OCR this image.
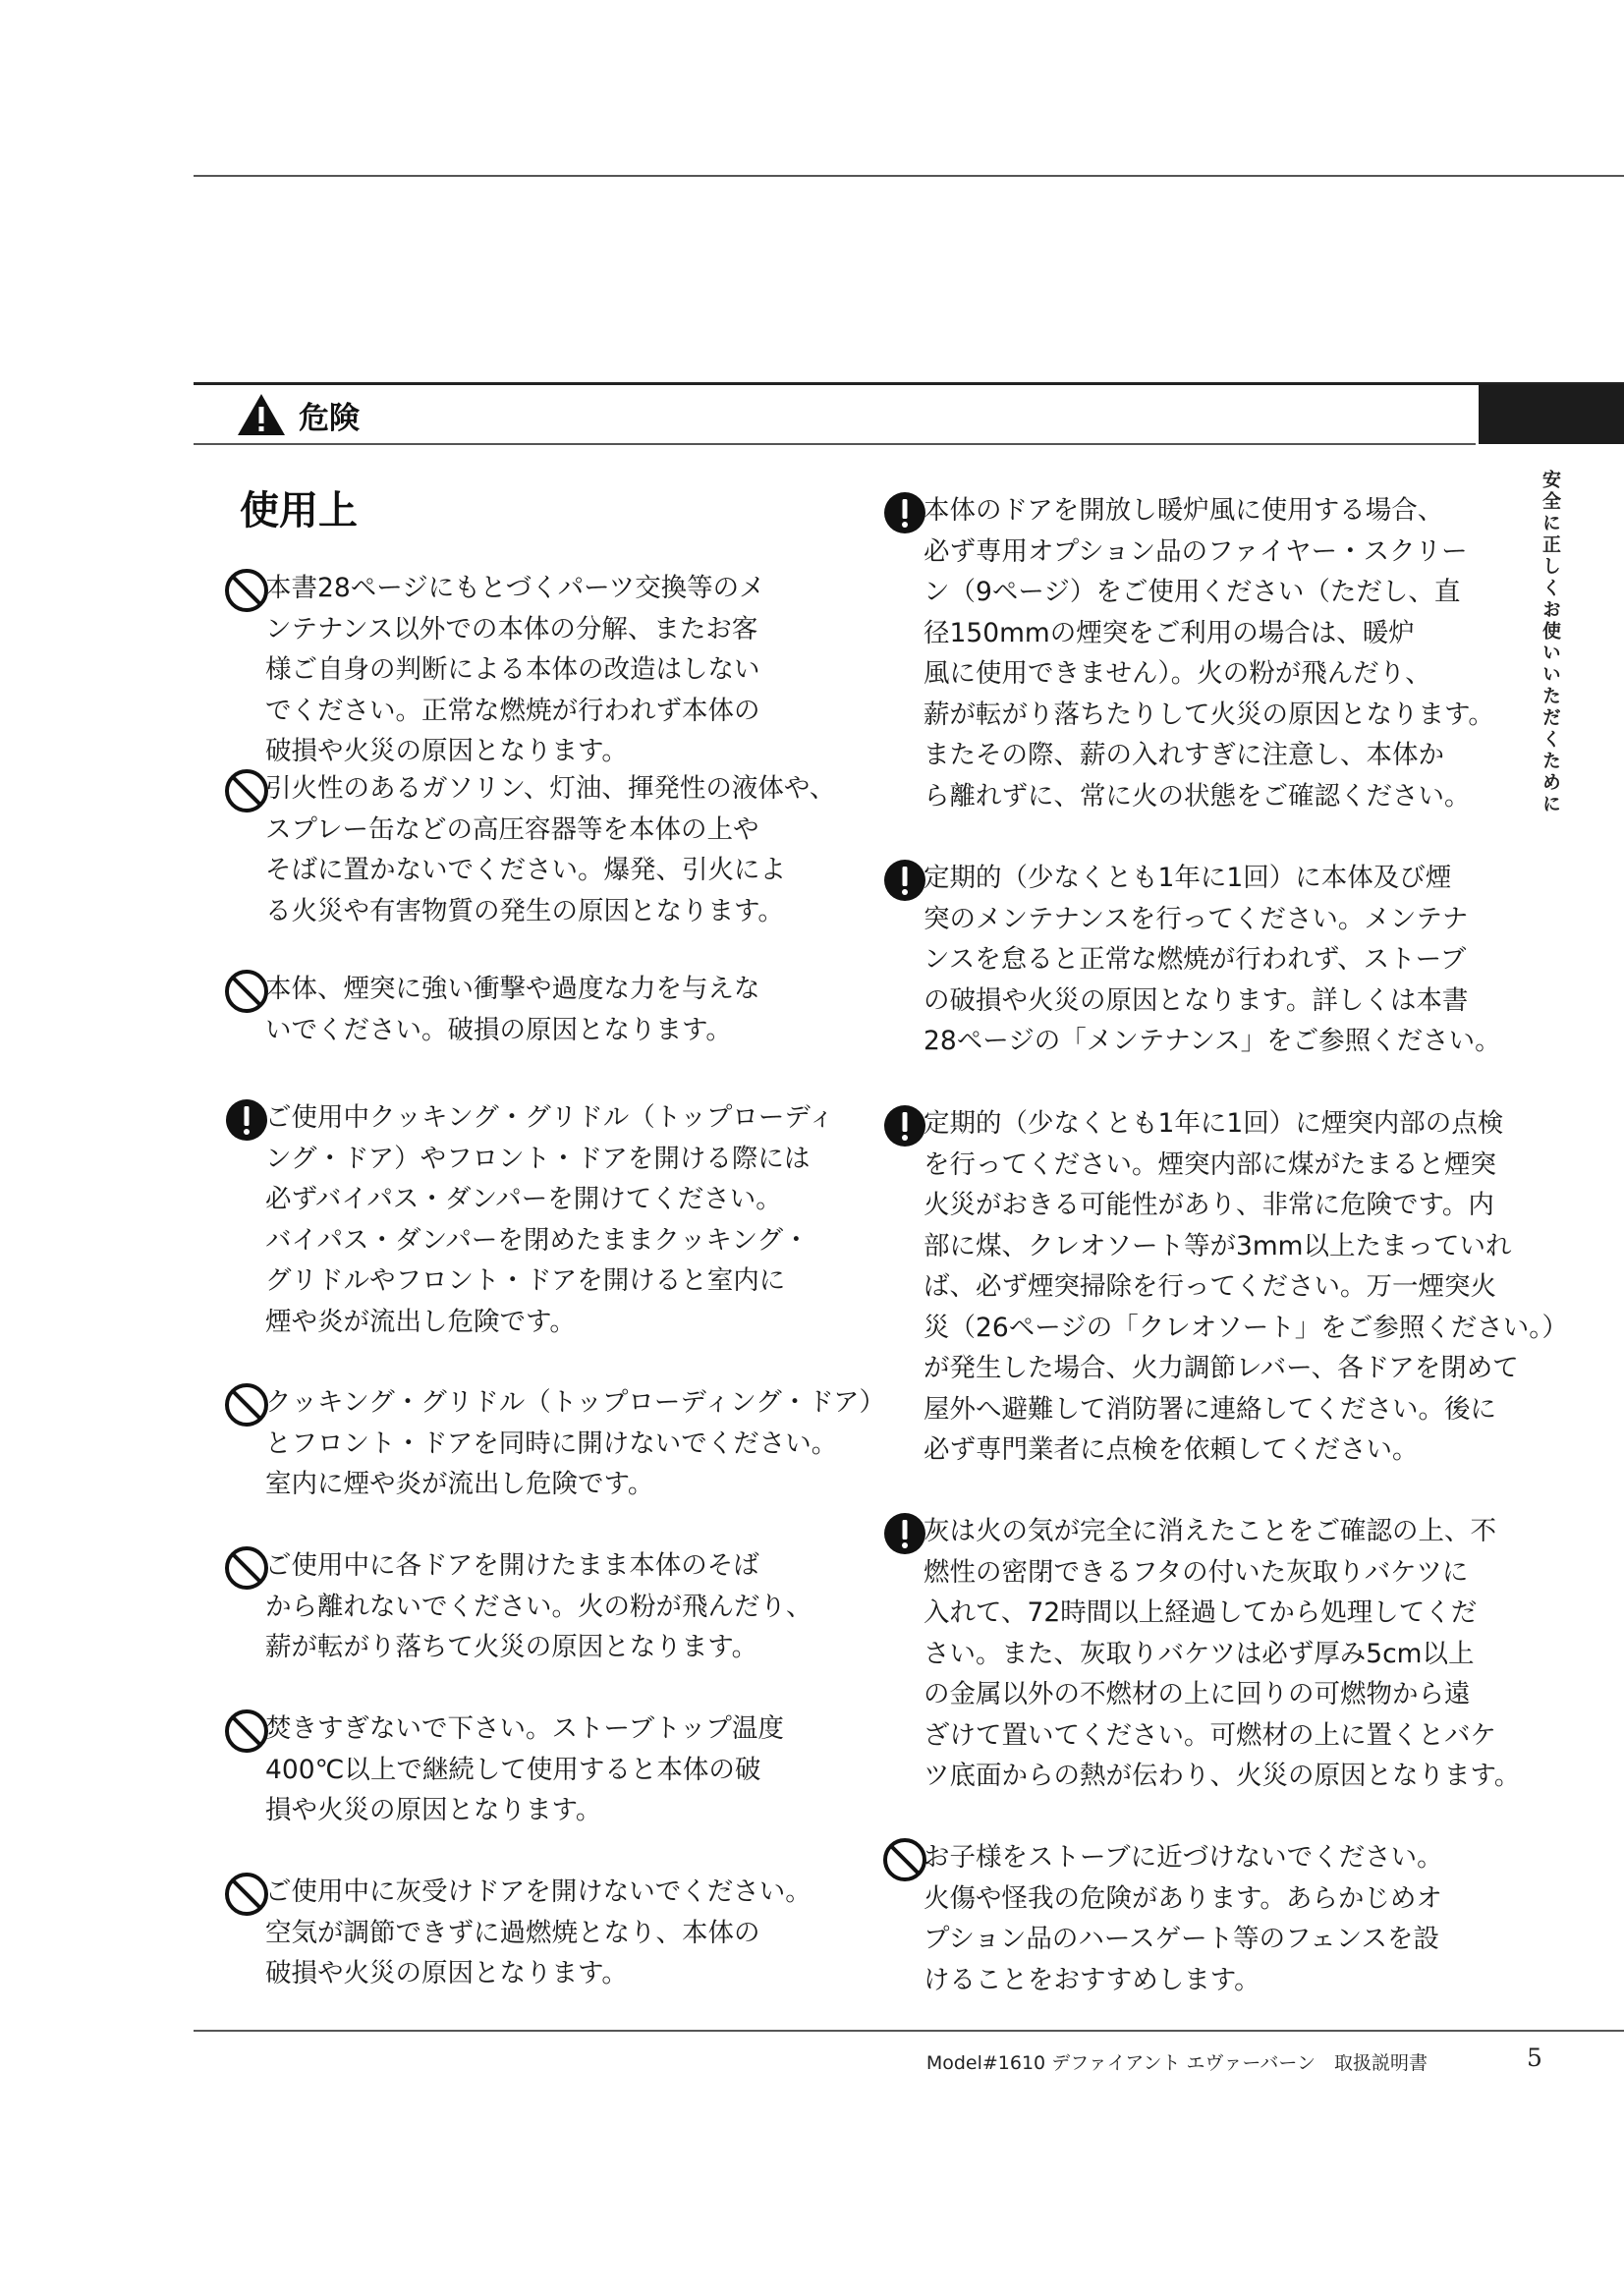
安全に正しくお使いいただくために
危険
使用上
本書28ページにもとづくパーツ交換等のメ
ンテナンス以外での本体の分解、またお客
様ご自身の判断による本体の改造はしない
でください。正常な燃焼が行われず本体の
破損や火災の原因となります。
引火性のあるガソリン、灯油、揮発性の液体や、
スプレー缶などの高圧容器等を本体の上や
そばに置かないでください。爆発、引火によ
る火災や有害物質の発生の原因となります。
本体、煙突に強い衝撃や過度な力を与えな
いでください。破損の原因となります。
ご使用中クッキング・グリドル（トップローディ
ング・ドア）やフロント・ドアを開ける際には
必ずバイパス・ダンパーを開けてください。
バイパス・ダンパーを閉めたままクッキング・
グリドルやフロント・ドアを開けると室内に
煙や炎が流出し危険です。
クッキング・グリドル（トップローディング・ドア）
とフロント・ドアを同時に開けないでください。
室内に煙や炎が流出し危険です。
ご使用中に各ドアを開けたまま本体のそば
から離れないでください。火の粉が飛んだり、
薪が転がり落ちて火災の原因となります。
焚きすぎないで下さい。ストーブトップ温度
400℃以上で継続して使用すると本体の破
損や火災の原因となります。
ご使用中に灰受けドアを開けないでください。
空気が調節できずに過燃焼となり、本体の
破損や火災の原因となります。
本体のドアを開放し暖炉風に使用する場合、
必ず専用オプション品のファイヤー・スクリー
ン（9ページ）をご使用ください（ただし、直
径150mmの煙突をご利用の場合は、暖炉
風に使用できません）。火の粉が飛んだり、
薪が転がり落ちたりして火災の原因となります。
またその際、薪の入れすぎに注意し、本体か
ら離れずに、常に火の状態をご確認ください。
定期的（少なくとも1年に1回）に本体及び煙
突のメンテナンスを行ってください。メンテナ
ンスを怠ると正常な燃焼が行われず、ストーブ
の破損や火災の原因となります。詳しくは本書
28ページの「メンテナンス」をご参照ください。
定期的（少なくとも1年に1回）に煙突内部の点検
を行ってください。煙突内部に煤がたまると煙突
火災がおきる可能性があり、非常に危険です。内
部に煤、クレオソート等が3mm以上たまっていれ
ば、必ず煙突掃除を行ってください。万一煙突火
災（26ページの「クレオソート」をご参照ください。）
が発生した場合、火力調節レバー、各ドアを閉めて
屋外へ避難して消防署に連絡してください。後に
必ず専門業者に点検を依頼してください。
灰は火の気が完全に消えたことをご確認の上、不
燃性の密閉できるフタの付いた灰取りバケツに
入れて、72時間以上経過してから処理してくだ
さい。また、灰取りバケツは必ず厚み5cm以上
の金属以外の不燃材の上に回りの可燃物から遠
ざけて置いてください。可燃材の上に置くとバケ
ツ底面からの熱が伝わり、火災の原因となります。
お子様をストーブに近づけないでください。
火傷や怪我の危険があります。あらかじめオ
プション品のハースゲート等のフェンスを設
けることをおすすめします。
Model#1610 デファイアント エヴァーバーン　取扱説明書	5
